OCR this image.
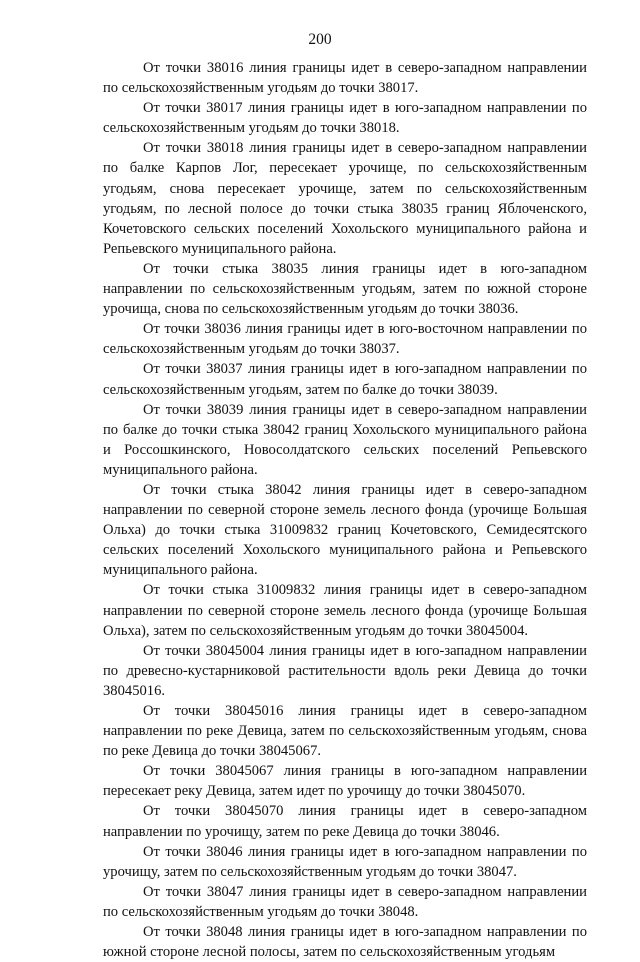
200

От точки 38016 линия границы идет в северо-западном направлении по сельскохозяйственным угодьям до точки 38017.

От точки 38017 линия границы идет в юго-западном направлении по сельскохозяйственным угодьям до точки 38018.

От точки 38018 линия границы идет в северо-западном направлении по балке Карпов Лог, пересекает урочище, по сельскохозяйственным угодьям, снова пересекает урочище, затем по сельскохозяйственным угодьям, по лесной полосе до точки стыка 38035 границ Яблоченского, Кочетовского сельских поселений Хохольского муниципального района и Репьевского муниципального района.

От точки стыка 38035 линия границы идет в юго-западном направлении по сельскохозяйственным угодьям, затем по южной стороне урочища, снова по сельскохозяйственным угодьям до точки 38036.

От точки 38036 линия границы идет в юго-восточном направлении по сельскохозяйственным угодьям до точки 38037.

От точки 38037 линия границы идет в юго-западном направлении по сельскохозяйственным угодьям, затем по балке до точки 38039.

От точки 38039 линия границы идет в северо-западном направлении по балке до точки стыка 38042 границ Хохольского муниципального района и Россошкинского, Новосолдатского сельских поселений Репьевского муниципального района.

От точки стыка 38042 линия границы идет в северо-западном направлении по северной стороне земель лесного фонда (урочище Большая Ольха) до точки стыка 31009832 границ Кочетовского, Семидесятского сельских поселений Хохольского муниципального района и Репьевского муниципального района.

От точки стыка 31009832 линия границы идет в северо-западном направлении по северной стороне земель лесного фонда (урочище Большая Ольха), затем по сельскохозяйственным угодьям до точки 38045004.

От точки 38045004 линия границы идет в юго-западном направлении по древесно-кустарниковой растительности вдоль реки Девица до точки 38045016.

От точки 38045016 линия границы идет в северо-западном направлении по реке Девица, затем по сельскохозяйственным угодьям, снова по реке Девица до точки 38045067.

От точки 38045067 линия границы в юго-западном направлении пересекает реку Девица, затем идет по урочищу до точки 38045070.

От точки 38045070 линия границы идет в северо-западном направлении по урочищу, затем по реке Девица до точки 38046.

От точки 38046 линия границы идет в юго-западном направлении по урочищу, затем по сельскохозяйственным угодьям до точки 38047.

От точки 38047 линия границы идет в северо-западном направлении по сельскохозяйственным угодьям до точки 38048.

От точки 38048 линия границы идет в юго-западном направлении по южной стороне лесной полосы, затем по сельскохозяйственным угодьям
